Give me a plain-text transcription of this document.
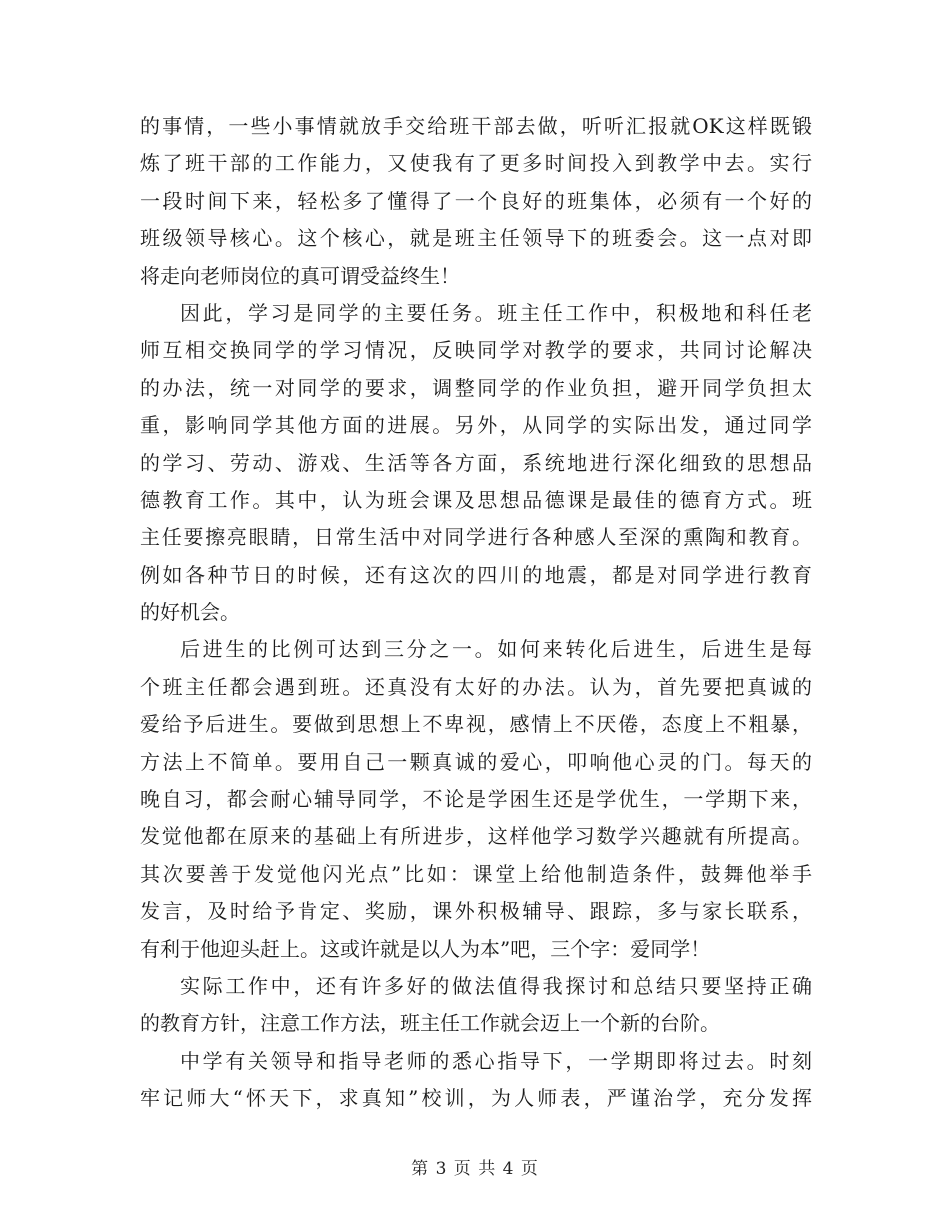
的事情，一些小事情就放手交给班干部去做，听听汇报就OK这样既锻
炼了班干部的工作能力，又使我有了更多时间投入到教学中去。实行
一段时间下来，轻松多了懂得了一个良好的班集体，必须有一个好的
班级领导核心。这个核心，就是班主任领导下的班委会。这一点对即
将走向老师岗位的真可谓受益终生！
因此，学习是同学的主要任务。班主任工作中，积极地和科任老
师互相交换同学的学习情况，反映同学对教学的要求，共同讨论解决
的办法，统一对同学的要求，调整同学的作业负担，避开同学负担太
重，影响同学其他方面的进展。另外，从同学的实际出发，通过同学
的学习、劳动、游戏、生活等各方面，系统地进行深化细致的思想品
德教育工作。其中，认为班会课及思想品德课是最佳的德育方式。班
主任要擦亮眼睛，日常生活中对同学进行各种感人至深的熏陶和教育。
例如各种节日的时候，还有这次的四川的地震，都是对同学进行教育
的好机会。
后进生的比例可达到三分之一。如何来转化后进生，后进生是每
个班主任都会遇到班。还真没有太好的办法。认为，首先要把真诚的
爱给予后进生。要做到思想上不卑视，感情上不厌倦，态度上不粗暴，
方法上不简单。要用自己一颗真诚的爱心，叩响他心灵的门。每天的
晚自习，都会耐心辅导同学，不论是学困生还是学优生，一学期下来，
发觉他都在原来的基础上有所进步，这样他学习数学兴趣就有所提高。
其次要善于发觉他闪光点”比如：课堂上给他制造条件，鼓舞他举手
发言，及时给予肯定、奖励，课外积极辅导、跟踪，多与家长联系，
有利于他迎头赶上。这或许就是以人为本”吧，三个字：爱同学！
实际工作中，还有许多好的做法值得我探讨和总结只要坚持正确
的教育方针，注意工作方法，班主任工作就会迈上一个新的台阶。
中学有关领导和指导老师的悉心指导下，一学期即将过去。时刻
牢记师大“怀天下，求真知”校训，为人师表，严谨治学，充分发挥
第 3 页 共 4 页
